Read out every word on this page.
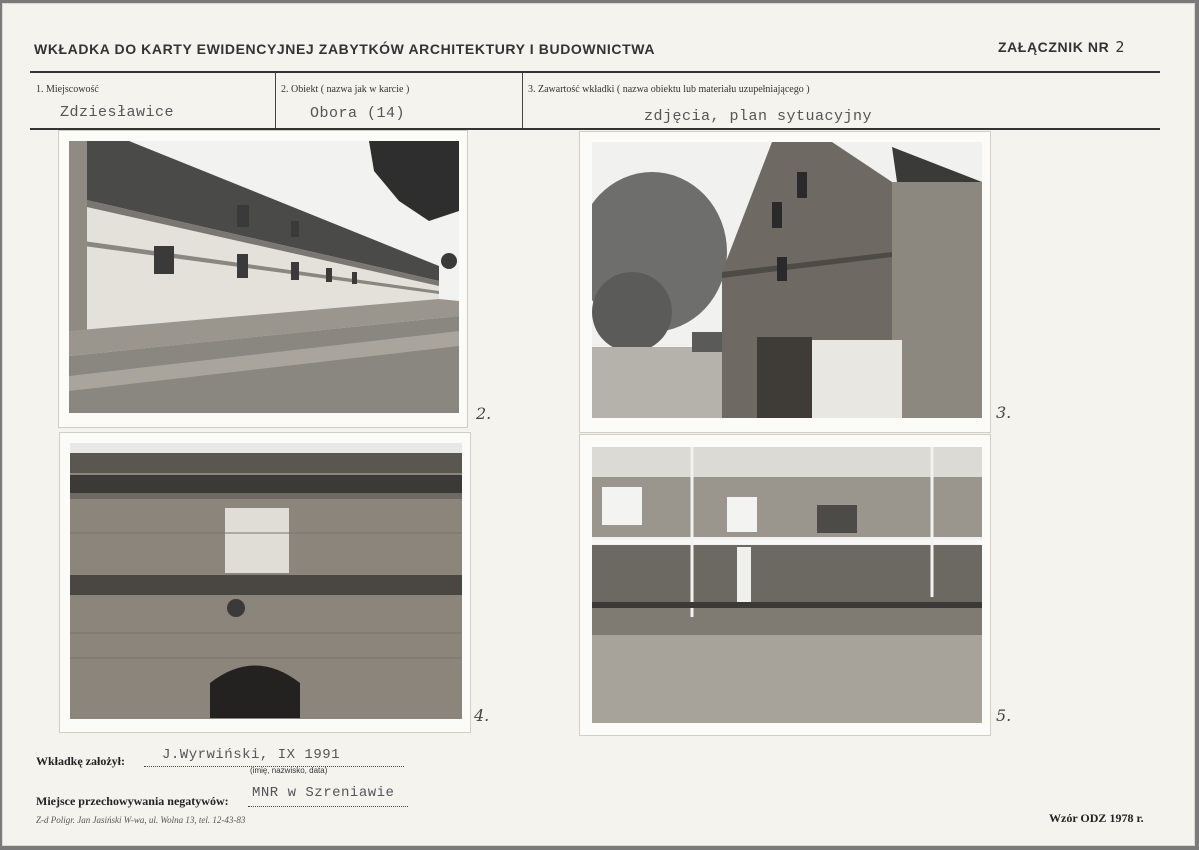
WKŁADKA DO KARTY EWIDENCYJNEJ ZABYTKÓW ARCHITEKTURY I BUDOWNICTWA	ZAŁĄCZNIK NR 2
1. Miejscowość
Zdziesławice
2. Obiekt ( nazwa jak w karcie )
Obora (14)
3. Zawartość wkładki ( nazwa obiektu lub materiału uzupełniającego )
zdjęcia, plan sytuacyjny
2.	3.
4.	5.
Wkładkę założył:	J.Wyrwiński, IX 1991
(imię, nazwisko, data)
Miejsce przechowywania negatywów: MNR w Szreniawie
Z-d Poligr. Jan Jasiński W-wa, ul. Wolna 13, tel. 12-43-83	Wzór ODZ 1978 r.
